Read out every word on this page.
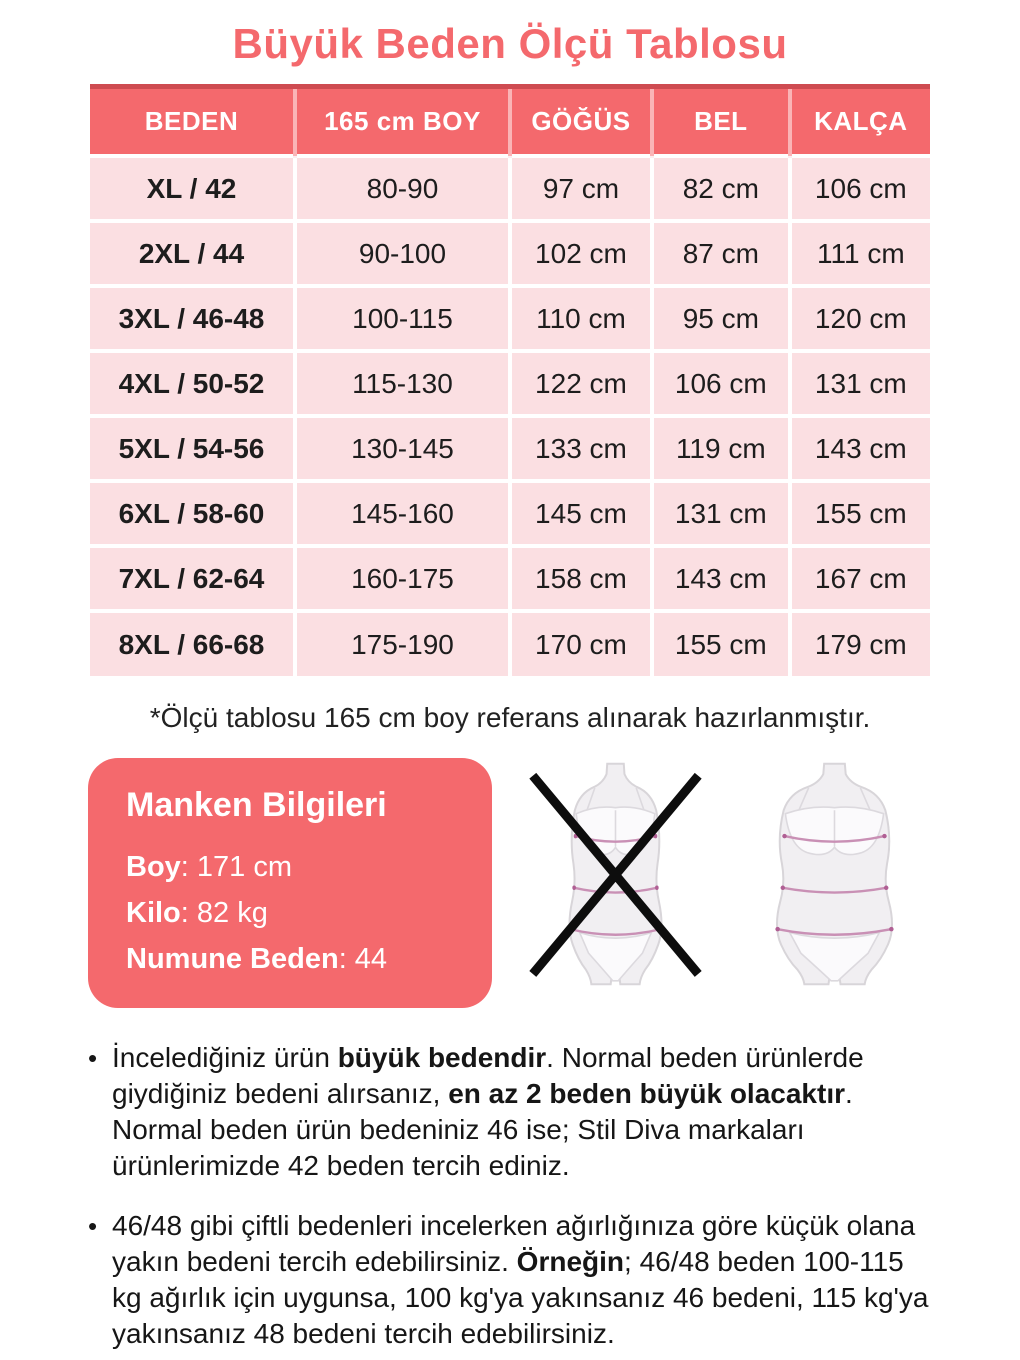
Büyük Beden Ölçü Tablosu
BEDEN	165 cm BOY	GÖĞÜS	BEL	KALÇA
XL / 42	80-90	97 cm	82 cm	106 cm
2XL / 44	90-100	102 cm	87 cm	111 cm
3XL / 46-48	100-115	110 cm	95 cm	120 cm
4XL / 50-52	115-130	122 cm	106 cm	131 cm
5XL / 54-56	130-145	133 cm	119 cm	143 cm
6XL / 58-60	145-160	145 cm	131 cm	155 cm
7XL / 62-64	160-175	158 cm	143 cm	167 cm
8XL / 66-68	175-190	170 cm	155 cm	179 cm

*Ölçü tablosu 165 cm boy referans alınarak hazırlanmıştır.

Manken Bilgileri
Boy: 171 cm
Kilo: 82 kg
Numune Beden: 44
• İncelediğiniz ürün büyük bedendir. Normal beden ürünlerde giydiğiniz bedeni alırsanız, en az 2 beden büyük olacaktır. Normal beden ürün bedeniniz 46 ise; Stil Diva markaları ürünlerimizde 42 beden tercih ediniz.
• 46/48 gibi çiftli bedenleri incelerken ağırlığınıza göre küçük olana yakın bedeni tercih edebilirsiniz. Örneğin; 46/48 beden 100-115 kg ağırlık için uygunsa, 100 kg'ya yakınsanız 46 bedeni, 115 kg'ya yakınsanız 48 bedeni tercih edebilirsiniz.
